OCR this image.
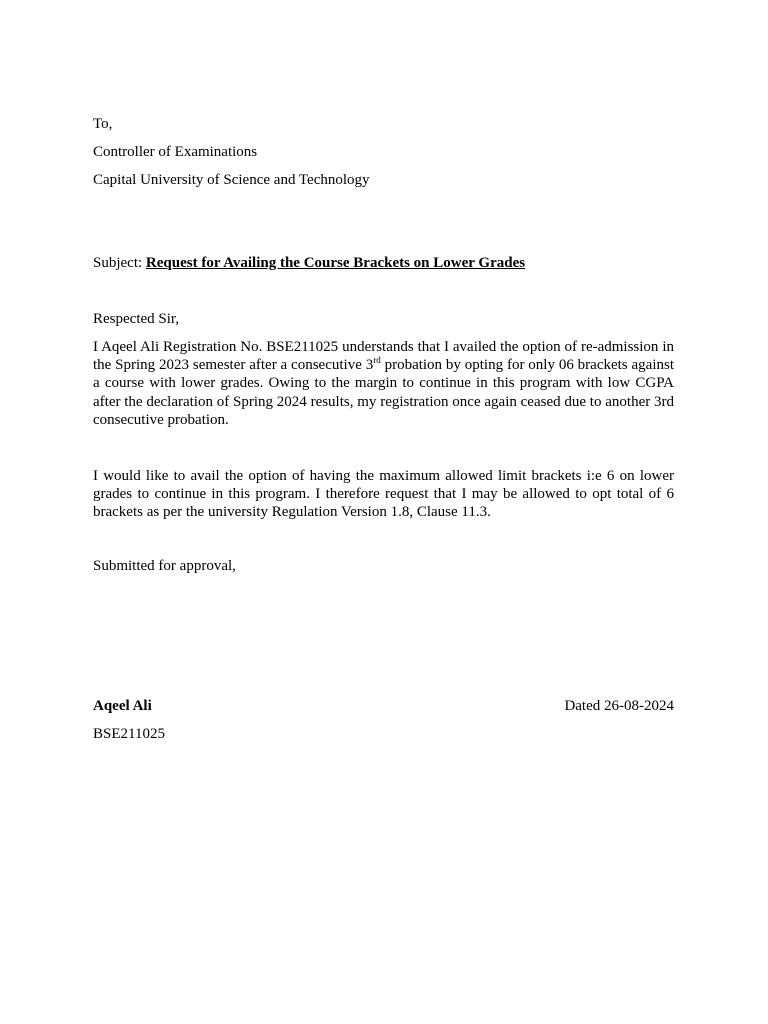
To,
Controller of Examinations
Capital University of Science and Technology
Subject: Request for Availing the Course Brackets on Lower Grades
Respected Sir,
I Aqeel Ali Registration No. BSE211025 understands that I availed the option of re-admission in the Spring 2023 semester after a consecutive 3rd probation by opting for only 06 brackets against a course with lower grades. Owing to the margin to continue in this program with low CGPA after the declaration of Spring 2024 results, my registration once again ceased due to another 3rd consecutive probation.
I would like to avail the option of having the maximum allowed limit brackets i:e 6 on lower grades to continue in this program. I therefore request that I may be allowed to opt total of 6 brackets as per the university Regulation Version 1.8, Clause 11.3.
Submitted for approval,
Aqeel Ali	Dated 26-08-2024
BSE211025
